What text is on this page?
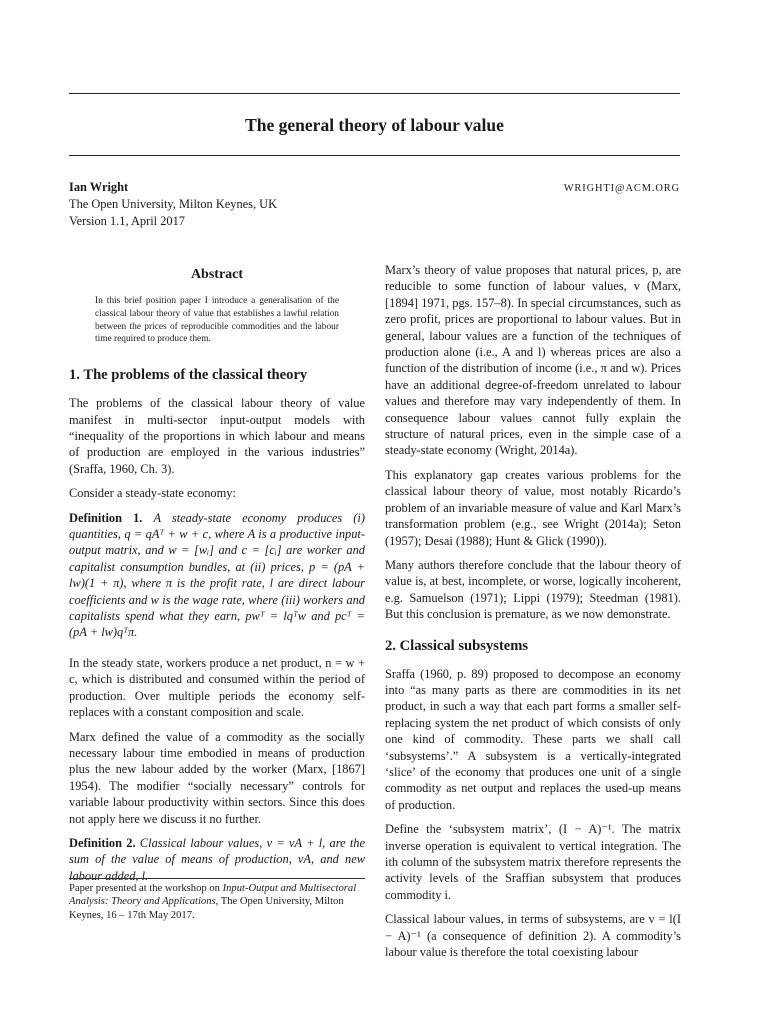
The general theory of labour value
Ian Wright
The Open University, Milton Keynes, UK
Version 1.1, April 2017
WRIGHTI@ACM.ORG
Abstract

In this brief position paper I introduce a generalisation of the classical labour theory of value that establishes a lawful relation between the prices of reproducible commodities and the labour time required to produce them.

1. The problems of the classical theory

The problems of the classical labour theory of value manifest in multi-sector input-output models with “inequality of the proportions in which labour and means of production are employed in the various industries” (Sraffa, 1960, Ch. 3).

Consider a steady-state economy:

Definition 1. A steady-state economy produces (i) quantities, q = qAᵀ + w + c, where A is a productive input-output matrix, and w = [wᵢ] and c = [cᵢ] are worker and capitalist consumption bundles, at (ii) prices, p = (pA + lw)(1 + π), where π is the profit rate, l are direct labour coefficients and w is the wage rate, where (iii) workers and capitalists spend what they earn, pwᵀ = lqᵀw and pcᵀ = (pA + lw)qᵀπ.

In the steady state, workers produce a net product, n = w + c, which is distributed and consumed within the period of production. Over multiple periods the economy self-replaces with a constant composition and scale.

Marx defined the value of a commodity as the socially necessary labour time embodied in means of production plus the new labour added by the worker (Marx, [1867] 1954). The modifier “socially necessary” controls for variable labour productivity within sectors. Since this does not apply here we discuss it no further.

Definition 2. Classical labour values, v = vA + l, are the sum of the value of means of production, vA, and new labour added, l.

Paper presented at the workshop on Input-Output and Multisectoral Analysis: Theory and Applications, The Open University, Milton Keynes, 16 – 17th May 2017.

Marx’s theory of value proposes that natural prices, p, are reducible to some function of labour values, v (Marx, [1894] 1971, pgs. 157–8). In special circumstances, such as zero profit, prices are proportional to labour values. But in general, labour values are a function of the techniques of production alone (i.e., A and l) whereas prices are also a function of the distribution of income (i.e., π and w). Prices have an additional degree-of-freedom unrelated to labour values and therefore may vary independently of them. In consequence labour values cannot fully explain the structure of natural prices, even in the simple case of a steady-state economy (Wright, 2014a).

This explanatory gap creates various problems for the classical labour theory of value, most notably Ricardo’s problem of an invariable measure of value and Karl Marx’s transformation problem (e.g., see Wright (2014a); Seton (1957); Desai (1988); Hunt & Glick (1990)).

Many authors therefore conclude that the labour theory of value is, at best, incomplete, or worse, logically incoherent, e.g. Samuelson (1971); Lippi (1979); Steedman (1981). But this conclusion is premature, as we now demonstrate.

2. Classical subsystems

Sraffa (1960, p. 89) proposed to decompose an economy into “as many parts as there are commodities in its net product, in such a way that each part forms a smaller self-replacing system the net product of which consists of only one kind of commodity. These parts we shall call ‘subsystems’.” A subsystem is a vertically-integrated ‘slice’ of the economy that produces one unit of a single commodity as net output and replaces the used-up means of production.

Define the ‘subsystem matrix’, (I − A)⁻¹. The matrix inverse operation is equivalent to vertical integration. The ith column of the subsystem matrix therefore represents the activity levels of the Sraffian subsystem that produces commodity i.

Classical labour values, in terms of subsystems, are v = l(I − A)⁻¹ (a consequence of definition 2). A commodity’s labour value is therefore the total coexisting labour
